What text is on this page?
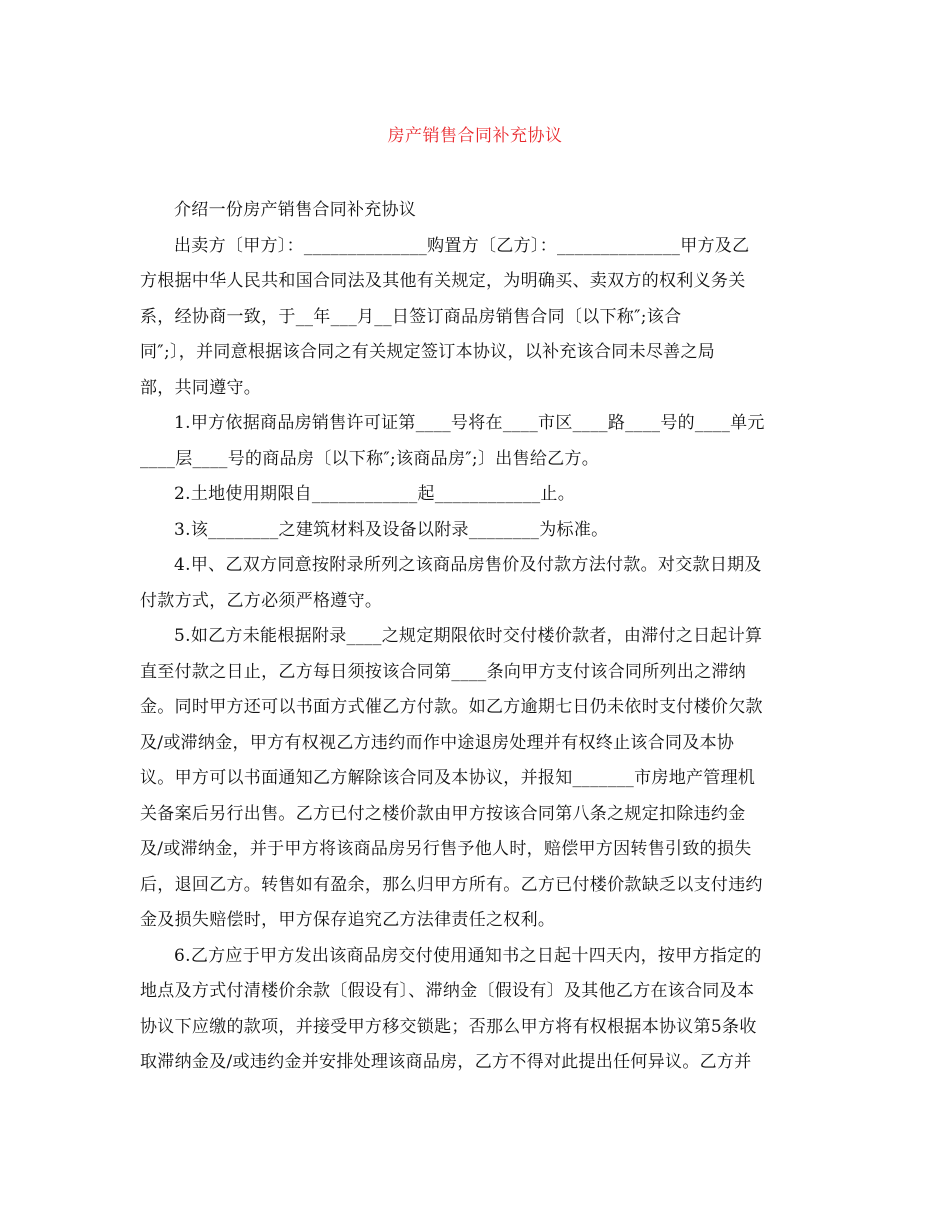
房产销售合同补充协议
介绍一份房产销售合同补充协议
出卖方〔甲方〕：______________购置方〔乙方〕：______________甲方及乙
方根据中华人民共和国合同法及其他有关规定，为明确买、卖双方的权利义务关
系，经协商一致，于__年___月__日签订商品房销售合同〔以下称″;该合
同″;〕，并同意根据该合同之有关规定签订本协议，以补充该合同未尽善之局
部，共同遵守。
1.甲方依据商品房销售许可证第____号将在____市区____路____号的____单元
____层____号的商品房〔以下称″;该商品房″;〕出售给乙方。
2.土地使用期限自____________起____________止。
3.该________之建筑材料及设备以附录________为标准。
4.甲、乙双方同意按附录所列之该商品房售价及付款方法付款。对交款日期及
付款方式，乙方必须严格遵守。
5.如乙方未能根据附录____之规定期限依时交付楼价款者，由滞付之日起计算
直至付款之日止，乙方每日须按该合同第____条向甲方支付该合同所列出之滞纳
金。同时甲方还可以书面方式催乙方付款。如乙方逾期七日仍未依时支付楼价欠款
及/或滞纳金，甲方有权视乙方违约而作中途退房处理并有权终止该合同及本协
议。甲方可以书面通知乙方解除该合同及本协议，并报知_______市房地产管理机
关备案后另行出售。乙方已付之楼价款由甲方按该合同第八条之规定扣除违约金
及/或滞纳金，并于甲方将该商品房另行售予他人时，赔偿甲方因转售引致的损失
后，退回乙方。转售如有盈余，那么归甲方所有。乙方已付楼价款缺乏以支付违约
金及损失赔偿时，甲方保存追究乙方法律责任之权利。
6.乙方应于甲方发出该商品房交付使用通知书之日起十四天内，按甲方指定的
地点及方式付清楼价余款〔假设有〕、滞纳金〔假设有〕及其他乙方在该合同及本
协议下应缴的款项，并接受甲方移交锁匙；否那么甲方将有权根据本协议第5条收
取滞纳金及/或违约金并安排处理该商品房，乙方不得对此提出任何异议。乙方并
